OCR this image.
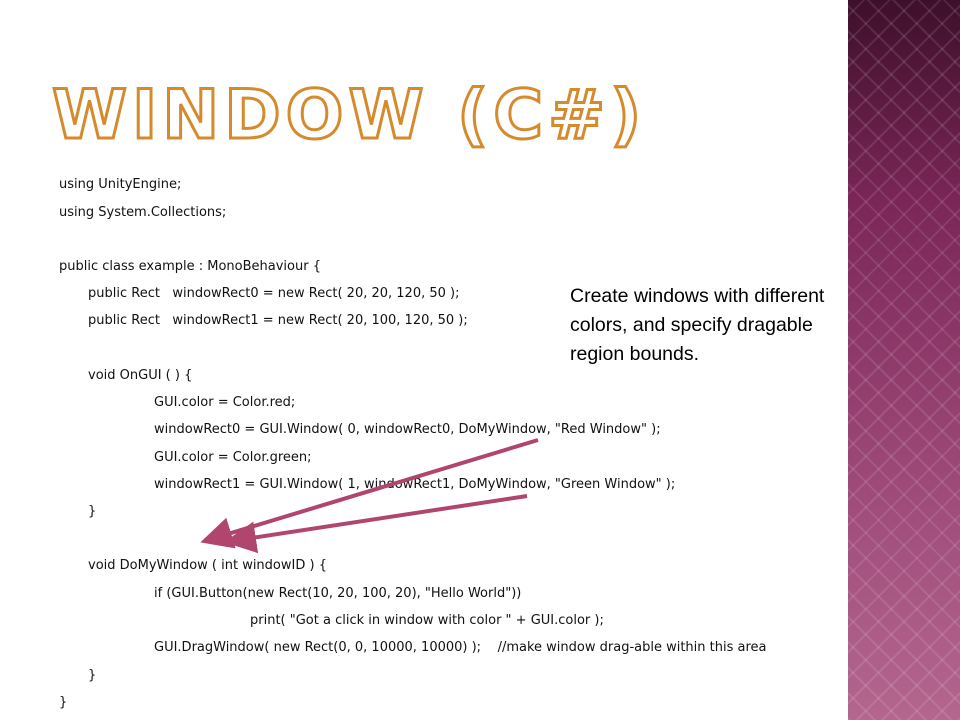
WINDOW (C#)
using UnityEngine;
using System.Collections;
public class example : MonoBehaviour {
public Rect   windowRect0 = new Rect( 20, 20, 120, 50 );
public Rect   windowRect1 = new Rect( 20, 100, 120, 50 );
void OnGUI ( ) {
GUI.color = Color.red;
windowRect0 = GUI.Window( 0, windowRect0, DoMyWindow, "Red Window" );
GUI.color = Color.green;
windowRect1 = GUI.Window( 1, windowRect1, DoMyWindow, "Green Window" );
}
void DoMyWindow ( int windowID ) {
if (GUI.Button(new Rect(10, 20, 100, 20), "Hello World"))
print( "Got a click in window with color " + GUI.color );
GUI.DragWindow( new Rect(0, 0, 10000, 10000) );    //make window drag-able within this area
}
}
Create windows with different colors, and specify dragable region bounds.
